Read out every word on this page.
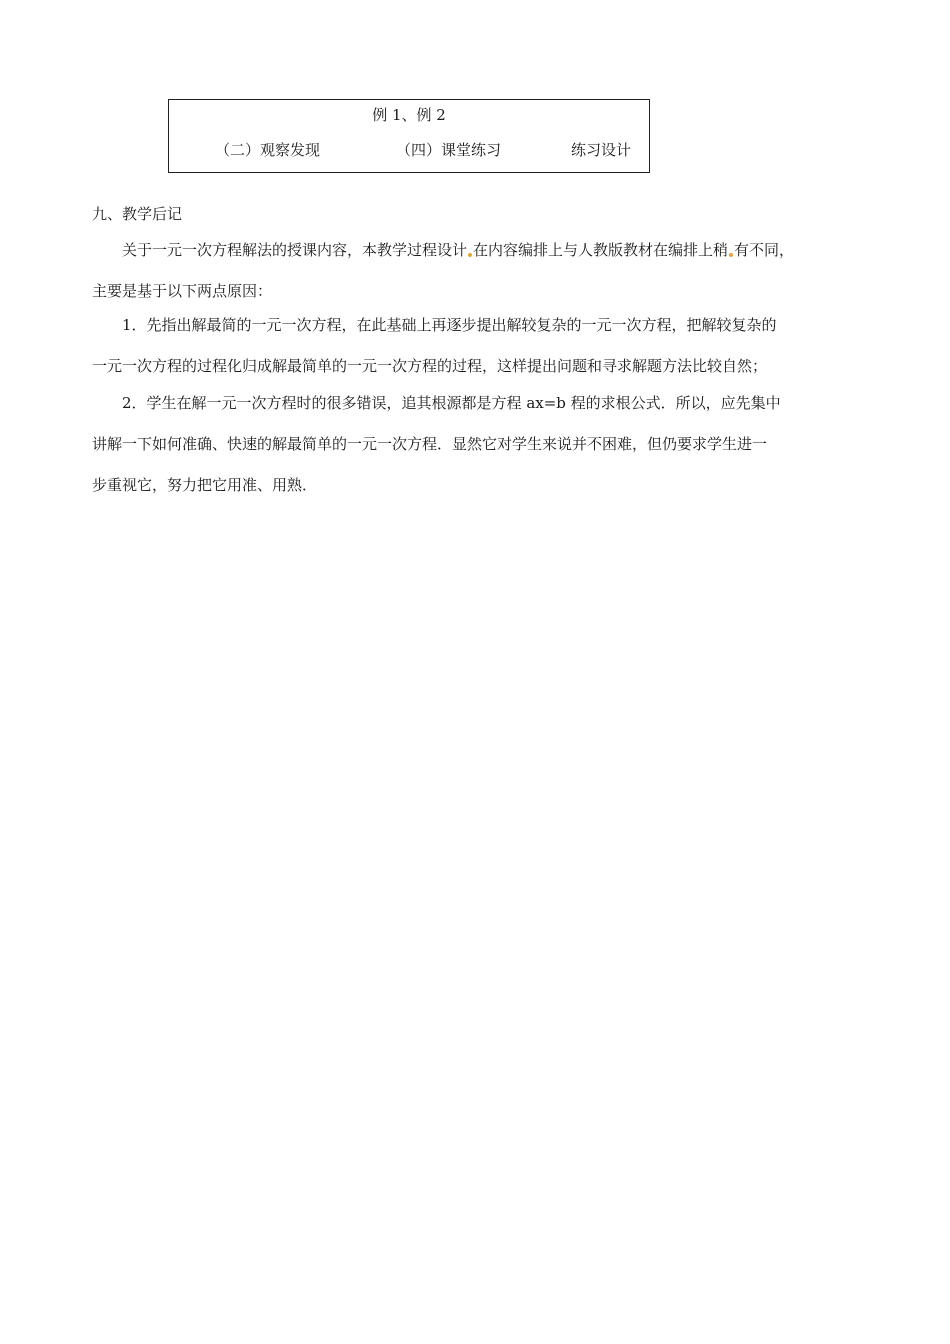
例 1、例 2
（二）观察发现	（四）课堂练习	练习设计
九、教学后记
关于一元一次方程解法的授课内容，本教学过程设计 在内容编排上与人教版教材在编排上稍 有不同，
主要是基于以下两点原因：
1．先指出解最简的一元一次方程，在此基础上再逐步提出解较复杂的一元一次方程，把解较复杂的
一元一次方程的过程化归成解最简单的一元一次方程的过程，这样提出问题和寻求解题方法比较自然；
2．学生在解一元一次方程时的很多错误，追其根源都是方程 ax=b 程的求根公式．所以，应先集中
讲解一下如何准确、快速的解最简单的一元一次方程．显然它对学生来说并不困难，但仍要求学生进一
步重视它，努力把它用准、用熟．
